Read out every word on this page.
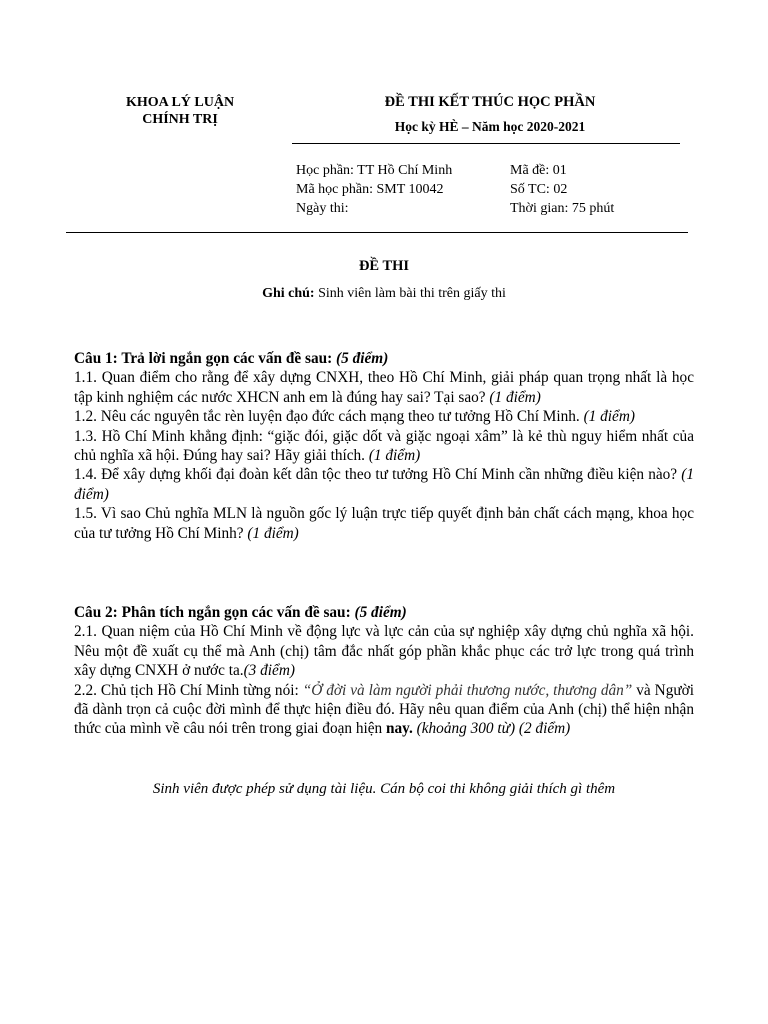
KHOA LÝ LUẬN
CHÍNH TRỊ
ĐỀ THI KẾT THÚC HỌC PHẦN
Học kỳ HÈ – Năm học 2020-2021
Học phần: TT Hồ Chí Minh
Mã học phần: SMT 10042
Ngày thi:
Mã đề: 01
Số TC: 02
Thời gian: 75 phút
ĐỀ THI
Ghi chú: Sinh viên làm bài thi trên giấy thi

Câu 1: Trả lời ngắn gọn các vấn đề sau: (5 điểm)

1.1. Quan điểm cho rằng để xây dựng CNXH, theo Hồ Chí Minh, giải pháp quan trọng nhất là học tập kinh nghiệm các nước XHCN anh em là đúng hay sai? Tại sao? (1 điểm)

1.2. Nêu các nguyên tắc rèn luyện đạo đức cách mạng theo tư tưởng Hồ Chí Minh. (1 điểm)

1.3. Hồ Chí Minh khẳng định: “giặc đói, giặc dốt và giặc ngoại xâm” là kẻ thù nguy hiểm nhất của chủ nghĩa xã hội. Đúng hay sai? Hãy giải thích. (1 điểm)

1.4. Để xây dựng khối đại đoàn kết dân tộc theo tư tưởng Hồ Chí Minh cần những điều kiện nào? (1 điểm)

1.5. Vì sao Chủ nghĩa MLN là nguồn gốc lý luận trực tiếp quyết định bản chất cách mạng, khoa học của tư tưởng Hồ Chí Minh? (1 điểm)

Câu 2: Phân tích ngắn gọn các vấn đề sau: (5 điểm)

2.1. Quan niệm của Hồ Chí Minh về động lực và lực cản của sự nghiệp xây dựng chủ nghĩa xã hội. Nêu một đề xuất cụ thể mà Anh (chị) tâm đắc nhất góp phần khắc phục các trở lực trong quá trình xây dựng CNXH ở nước ta.(3 điểm)

2.2. Chủ tịch Hồ Chí Minh từng nói: “Ở đời và làm người phải thương nước, thương dân” và Người đã dành trọn cả cuộc đời mình để thực hiện điều đó. Hãy nêu quan điểm của Anh (chị) thể hiện nhận thức của mình về câu nói trên trong giai đoạn hiện nay. (khoảng 300 từ) (2 điểm)

Sinh viên được phép sử dụng tài liệu. Cán bộ coi thi không giải thích gì thêm
